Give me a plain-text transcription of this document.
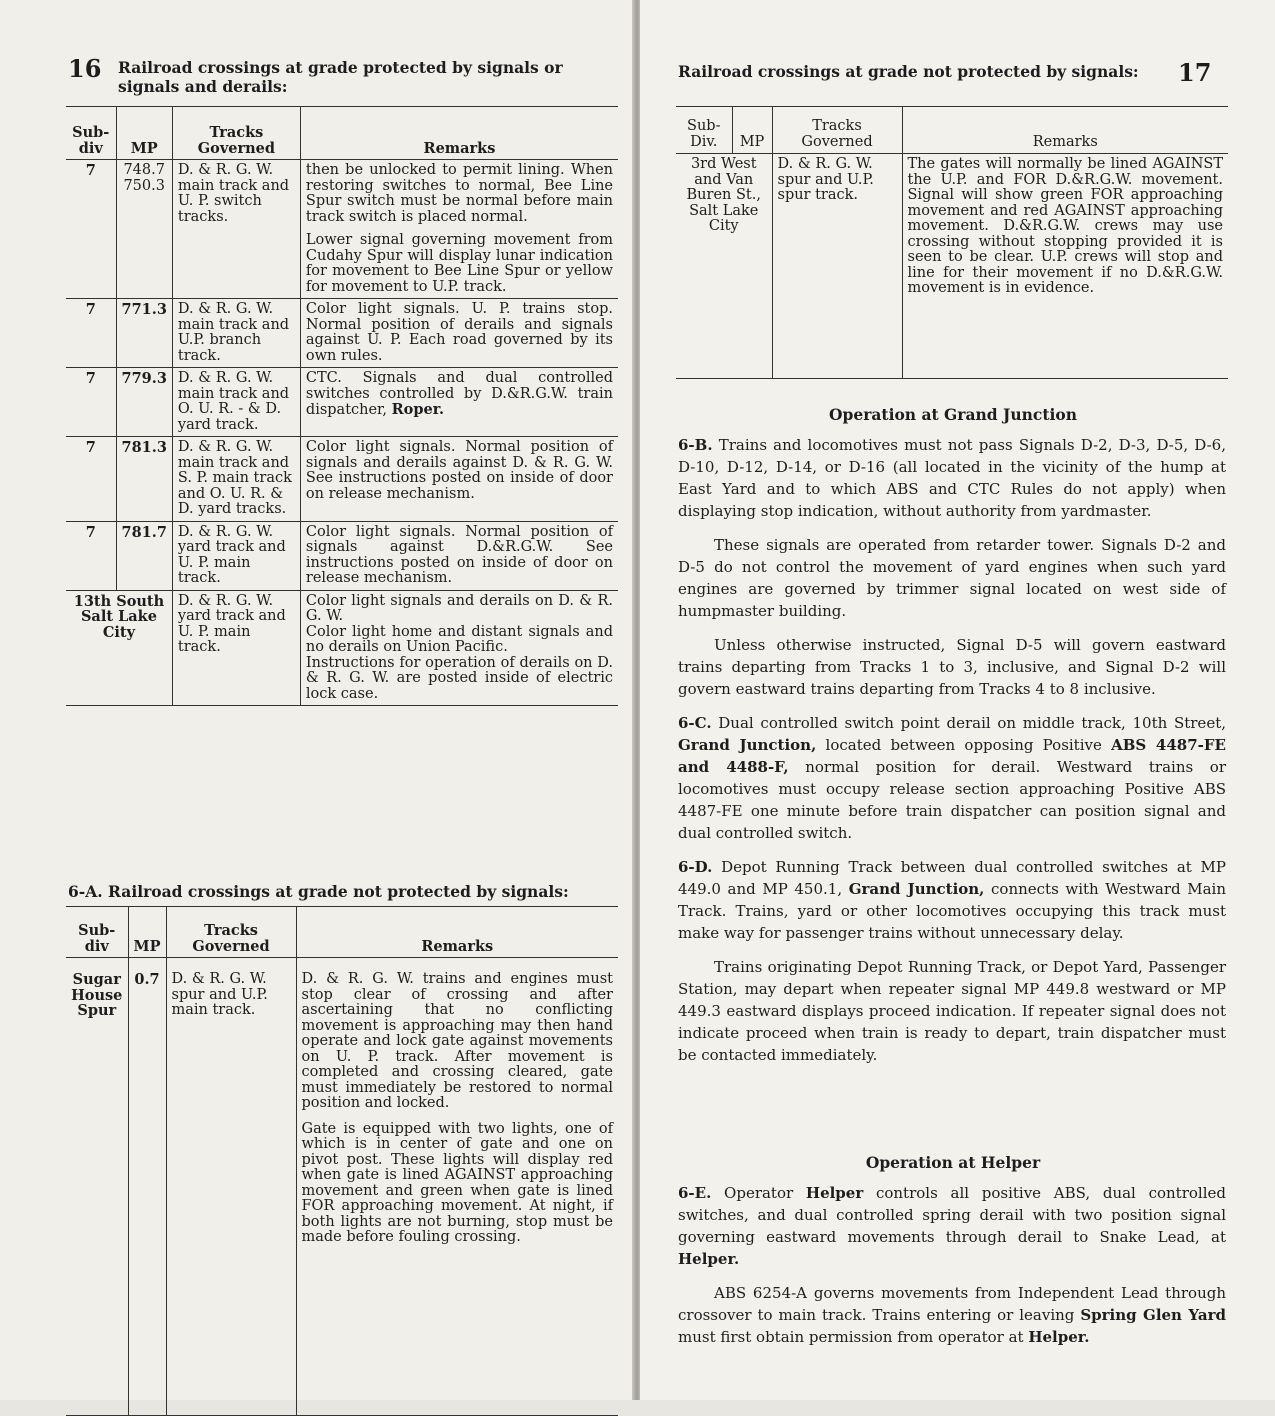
16 Railroad crossings at grade protected by signals or signals and derails:
Sub-div	MP	Tracks Governed	Remarks
7	748.7 750.3	D. & R. G. W. main track and U. P. switch tracks.	then be unlocked to permit lining. When restoring switches to normal, Bee Line Spur switch must be normal before main track switch is placed normal.
Lower signal governing movement from Cudahy Spur will display lunar indication for movement to Bee Line Spur or yellow for movement to U.P. track.

7	771.3	D. & R. G. W. main track and U.P. branch track.	Color light signals. U. P. trains stop. Normal position of derails and signals against U. P. Each road governed by its own rules.
7	779.3	D. & R. G. W. main track and O. U. R. - & D. yard track.	CTC. Signals and dual controlled switches controlled by D.&R.G.W. train dispatcher, Roper.
7	781.3	D. & R. G. W. main track and S. P. main track and O. U. R. & D. yard tracks.	Color light signals. Normal position of signals and derails against D. & R. G. W. See instructions posted on inside of door on release mechanism.
7	781.7	D. & R. G. W. yard track and U. P. main track.	Color light signals. Normal position of signals against D.&R.G.W. See instructions posted on inside of door on release mechanism.
13th South Salt Lake City		D. & R. G. W. yard track and U. P. main track.	Color light signals and derails on D. & R. G. W.
Color light home and distant signals and no derails on Union Pacific.
Instructions for operation of derails on D. & R. G. W. are posted inside of electric lock case.
6-A. Railroad crossings at grade not protected by signals:
Sub-div	MP	Tracks Governed	Remarks
Sugar House Spur	0.7	D. & R. G. W. spur and U.P. main track.	D. & R. G. W. trains and engines must stop clear of crossing and after ascertaining that no conflicting movement is approaching may then hand operate and lock gate against movements on U. P. track. After movement is completed and crossing cleared, gate must immediately be restored to normal position and locked.
Gate is equipped with two lights, one of which is in center of gate and one on pivot post. These lights will display red when gate is lined AGAINST approaching movement and green when gate is lined FOR approaching movement. At night, if both lights are not burning, stop must be made before fouling crossing.
Railroad crossings at grade not protected by signals:	17
Sub-Div.	MP	Tracks Governed	Remarks
3rd West and Van Buren St., Salt Lake City		D. & R. G. W. spur and U.P. spur track.	The gates will normally be lined AGAINST the U.P. and FOR D.&R.G.W. movement. Signal will show green FOR approaching movement and red AGAINST approaching movement. D.&R.G.W. crews may use crossing without stopping provided it is seen to be clear. U.P. crews will stop and line for their movement if no D.&R.G.W. movement is in evidence.
Operation at Grand Junction

6-B. Trains and locomotives must not pass Signals D-2, D-3, D-5, D-6, D-10, D-12, D-14, or D-16 (all located in the vicinity of the hump at East Yard and to which ABS and CTC Rules do not apply) when displaying stop indication, without authority from yardmaster.

These signals are operated from retarder tower. Signals D-2 and D-5 do not control the movement of yard engines when such yard engines are governed by trimmer signal located on west side of humpmaster building.

Unless otherwise instructed, Signal D-5 will govern eastward trains departing from Tracks 1 to 3, inclusive, and Signal D-2 will govern eastward trains departing from Tracks 4 to 8 inclusive.

6-C. Dual controlled switch point derail on middle track, 10th Street, Grand Junction, located between opposing Positive ABS 4487-FE and 4488-F, normal position for derail. Westward trains or locomotives must occupy release section approaching Positive ABS 4487-FE one minute before train dispatcher can position signal and dual controlled switch.

6-D. Depot Running Track between dual controlled switches at MP 449.0 and MP 450.1, Grand Junction, connects with Westward Main Track. Trains, yard or other locomotives occupying this track must make way for passenger trains without unnecessary delay.

Trains originating Depot Running Track, or Depot Yard, Passenger Station, may depart when repeater signal MP 449.8 westward or MP 449.3 eastward displays proceed indication. If repeater signal does not indicate proceed when train is ready to depart, train dispatcher must be contacted immediately.

Operation at Helper

6-E. Operator Helper controls all positive ABS, dual controlled switches, and dual controlled spring derail with two position signal governing eastward movements through derail to Snake Lead, at Helper.

ABS 6254-A governs movements from Independent Lead through crossover to main track. Trains entering or leaving Spring Glen Yard must first obtain permission from operator at Helper.
